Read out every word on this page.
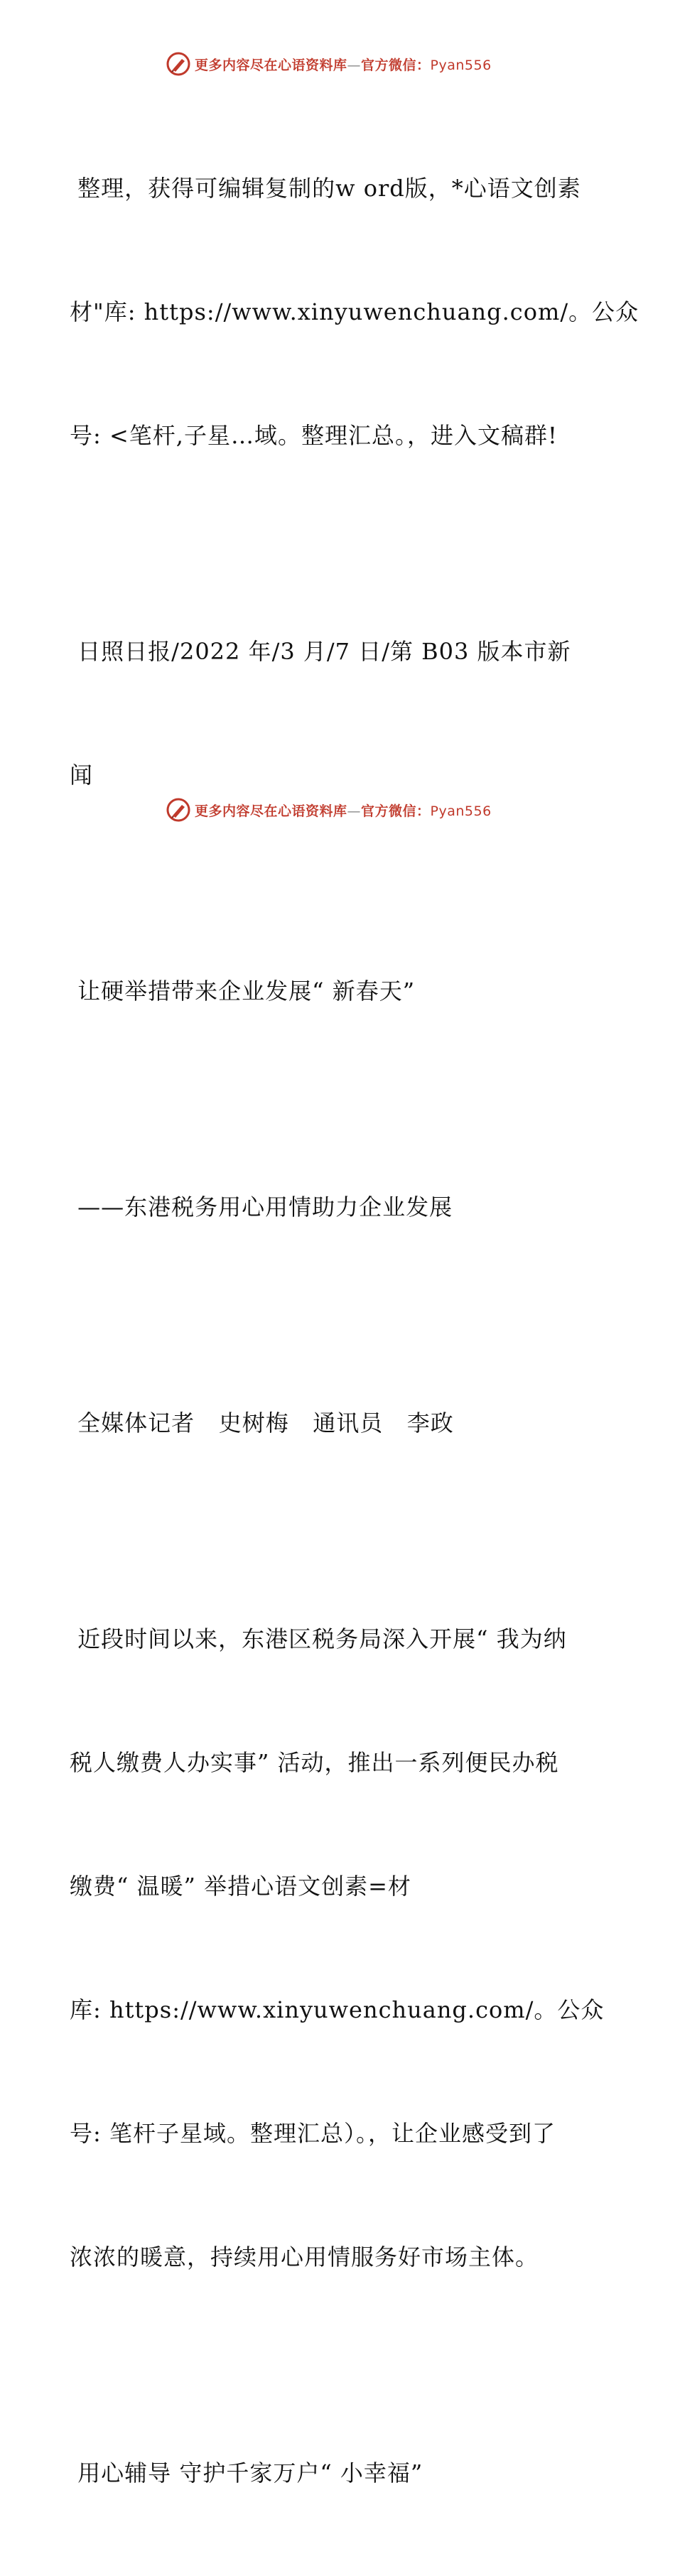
更多内容尽在心语资料库—官方微信：Pyan556

整理，获得可编辑复制的w ord版，*心语文创素

材"库: https://www.xinyuwenchuang.com/。公众

号: <笔杆,子星…域。整理汇总。，进入文稿群!

日照日报/2022 年/3 月/7 日/第 B03 版本市新

闻

让硬举措带来企业发展“ 新春天”

——东港税务用心用情助力企业发展

全媒体记者   史树梅   通讯员   李政

近段时间以来，东港区税务局深入开展“ 我为纳

税人缴费人办实事” 活动，推出一系列便民办税

缴费“ 温暖” 举措心语文创素=材

库: https://www.xinyuwenchuang.com/。公众

号: 笔杆子星域。整理汇总）。，让企业感受到了

浓浓的暖意，持续用心用情服务好市场主体。

用心辅导 守护千家万户“ 小幸福”

更多内容尽在心语资料库—官方微信：Pyan556
